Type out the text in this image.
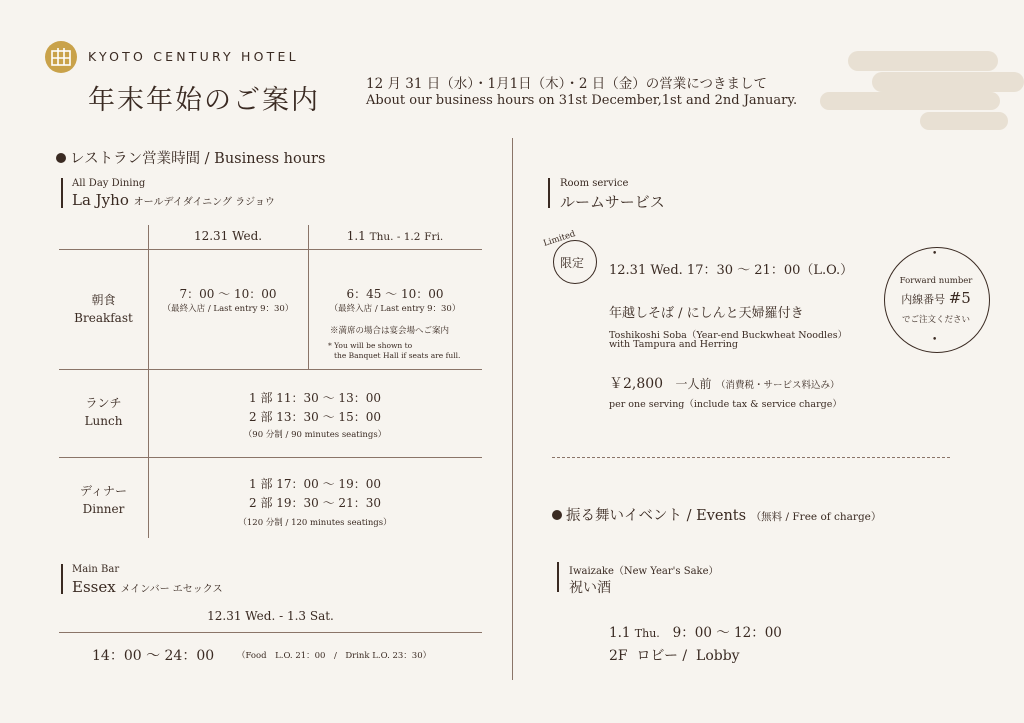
KYOTO CENTURY HOTEL
年末年始のご案内
12 月 31 日（水）・1月1日（木）・2 日（金）の営業につきまして
About our business hours on 31st December,1st and 2nd January.
レストラン営業時間 / Business hours
All Day Dining
La Jyho オールデイダイニング ラジョウ
12.31 Wed.	1.1 Thu. - 1.2 Fri.
朝食
Breakfast
7：00 〜 10：00
（最終入店 / Last entry 9：30）
6：45 〜 10：00
（最終入店 / Last entry 9：30）
※満席の場合は宴会場へご案内
* You will be shown to
the Banquet Hall if seats are full.
ランチ
Lunch
1 部 11：30 〜 13：00
2 部 13：30 〜 15：00
（90 分制 / 90 minutes seatings）
ディナー
Dinner
1 部 17：00 〜 19：00
2 部 19：30 〜 21：30
（120 分制 / 120 minutes seatings）
Main Bar
Essex メインバー エセックス
12.31 Wed. - 1.3 Sat.
14：00 〜 24：00	（Food　L.O. 21：00　/　Drink L.O. 23：30）
Room service
ルームサービス
Limited
限定 12.31 Wed. 17：30 〜 21：00（L.O.）
年越しそば / にしんと天婦羅付き
Toshikoshi Soba（Year-end Buckwheat Noodles）
with Tampura and Herring
￥2,800 一人前 （消費税・サービス料込み）
per one serving（include tax & service charge）
•
•
Forward number
内線番号 #5
でご注文ください
振る舞いイベント / Events （無料 / Free of charge）
Iwaizake（New Year's Sake）
祝い酒
1.1 Thu. 9：00 〜 12：00
2F  ロビー /  Lobby
